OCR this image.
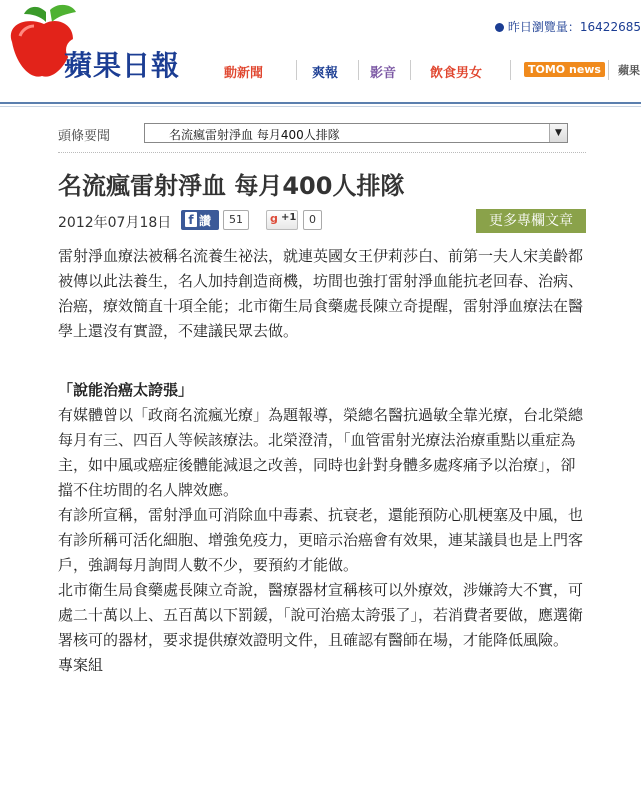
蘋果日報
昨日瀏覽量：16422685
動新聞	爽報 影音	飲食男女	TOMO news	蘋果
頭條要聞	名流瘋雷射淨血 每月400人排隊	▼
名流瘋雷射淨血 每月400人排隊
2012年07月18日 f 讚	51	g +1	0	更多專欄文章

雷射淨血療法被稱名流養生祕法，就連英國女王伊莉莎白、前第一夫人宋美齡都被傳以此法養生，名人加持創造商機，坊間也強打雷射淨血能抗老回春、治病、治癌，療效簡直十項全能；北市衛生局食藥處長陳立奇提醒，雷射淨血療法在醫學上還沒有實證，不建議民眾去做。

「說能治癌太誇張」

有媒體曾以「政商名流瘋光療」為題報導，榮總名醫抗過敏全靠光療，台北榮總每月有三、四百人等候該療法。北榮澄清，「血管雷射光療法治療重點以重症為主，如中風或癌症後體能減退之改善，同時也針對身體多處疼痛予以治療」，卻擋不住坊間的名人牌效應。

有診所宣稱，雷射淨血可消除血中毒素、抗衰老，還能預防心肌梗塞及中風，也有診所稱可活化細胞、增強免疫力，更暗示治癌會有效果，連某議員也是上門客戶，強調每月詢問人數不少，要預約才能做。

北市衛生局食藥處長陳立奇說，醫療器材宣稱核可以外療效，涉嫌誇大不實，可處二十萬以上、五百萬以下罰鍰，「說可治癌太誇張了」，若消費者要做，應選衛署核可的器材，要求提供療效證明文件，且確認有醫師在場，才能降低風險。

專案組
